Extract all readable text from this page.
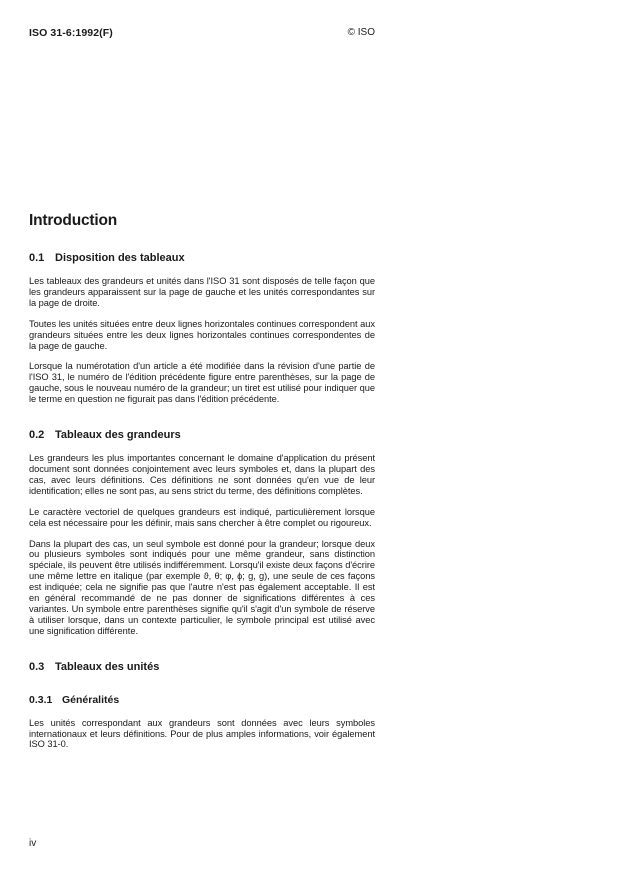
ISO 31-6:1992(F)	© ISO
Introduction
0.1 Disposition des tableaux

Les tableaux des grandeurs et unités dans l'ISO 31 sont disposés de telle façon que les grandeurs apparaissent sur la page de gauche et les unités correspondantes sur la page de droite.

Toutes les unités situées entre deux lignes horizontales continues correspondent aux grandeurs situées entre les deux lignes horizontales continues correspondentes de la page de gauche.

Lorsque la numérotation d'un article a été modifiée dans la révision d'une partie de l'ISO 31, le numéro de l'édition précédente figure entre parenthèses, sur la page de gauche, sous le nouveau numéro de la grandeur; un tiret est utilisé pour indiquer que le terme en question ne figurait pas dans l'édition précédente.

0.2 Tableaux des grandeurs

Les grandeurs les plus importantes concernant le domaine d'application du présent document sont données conjointement avec leurs symboles et, dans la plupart des cas, avec leurs définitions. Ces définitions ne sont données qu'en vue de leur identification; elles ne sont pas, au sens strict du terme, des définitions complètes.

Le caractère vectoriel de quelques grandeurs est indiqué, particulièrement lorsque cela est nécessaire pour les définir, mais sans chercher à être complet ou rigoureux.

Dans la plupart des cas, un seul symbole est donné pour la grandeur; lorsque deux ou plusieurs symboles sont indiqués pour une même grandeur, sans distinction spéciale, ils peuvent être utilisés indifféremment. Lorsqu'il existe deux façons d'écrire une même lettre en italique (par exemple ϑ, θ; φ, ϕ; g, g), une seule de ces façons est indiquée; cela ne signifie pas que l'autre n'est pas également acceptable. Il est en général recommandé de ne pas donner de significations différentes à ces variantes. Un symbole entre parenthèses signifie qu'il s'agit d'un symbole de réserve à utiliser lorsque, dans un contexte particulier, le symbole principal est utilisé avec une signification différente.

0.3 Tableaux des unités
0.3.1 Généralités

Les unités correspondant aux grandeurs sont données avec leurs symboles internationaux et leurs définitions. Pour de plus amples informations, voir également ISO 31-0.

iv
